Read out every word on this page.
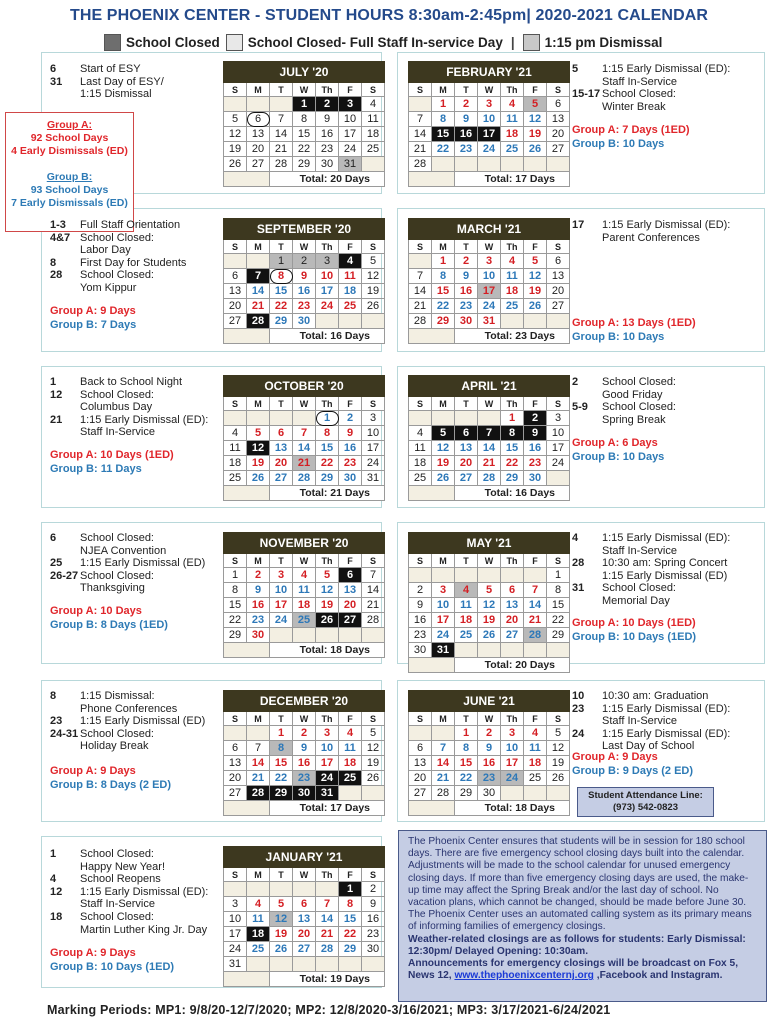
THE PHOENIX CENTER - STUDENT HOURS 8:30am-2:45pm| 2020-2021 CALENDAR
School Closed School Closed- Full Staff In-service Day | 1:15 pm Dismissal
Group A:
92 School Days
4 Early Dismissals (ED)
Group B:
93 School Days
7 Early Dismissals (ED)
6	Start of ESY
31	Last Day of ESY/
1:15 Dismissal
5	1:15 Early Dismissal (ED):
Staff In-Service
15-17 School Closed:
Winter Break
Group A: 7 Days (1ED)
Group B: 10 Days
1-3	Full Staff Orientation
4&7 School Closed:
Labor Day
8	First Day for Students
28	School Closed:
Yom Kippur
Group A: 9 Days
Group B: 7 Days
17	1:15 Early Dismissal (ED):
Parent Conferences
Group A: 13 Days (1ED)
Group B: 10 Days
1	Back to School Night
12	School Closed:
Columbus Day
21	1:15 Early Dismissal (ED):
Staff In-Service
Group A: 10 Days (1ED)
Group B: 11 Days
2	School Closed:
Good Friday
5-9	School Closed:
Spring Break
Group A: 6 Days
Group B: 10 Days
6	School Closed:
NJEA Convention
25	1:15 Early Dismissal (ED)
26-27 School Closed:
Thanksgiving
Group A: 10 Days
Group B: 8 Days (1ED)
4	1:15 Early Dismissal (ED):
Staff In-Service
28	10:30 am: Spring Concert
1:15 Early Dismissal (ED)
31	School Closed:
Memorial Day
Group A: 10 Days (1ED)
Group B: 10 Days (1ED)
8	1:15 Dismissal:
Phone Conferences
23	1:15 Early Dismissal (ED)
24-31 School Closed:
Holiday Break
Group A: 9 Days
Group B: 8 Days (2 ED)
10	10:30 am: Graduation
23	1:15 Early Dismissal (ED):
Staff In-Service
24	1:15 Early Dismissal (ED):
Last Day of School
Group A: 9 Days
Group B: 9 Days (2 ED)
1	School Closed:
Happy New Year!
4	School Reopens
12	1:15 Early Dismissal (ED):
Staff In-Service
18	School Closed:
Martin Luther King Jr. Day
Group A: 9 Days
Group B: 10 Days (1ED)
JULY '20						
S	M	T	W	Th	F	S
			1	2	3	4
5	6	7	8	9	10	11
12	13	14	15	16	17	18
19	20	21	22	23	24	25
26	27	28	29	30	31	
		Total: 20 Days				
FEBRUARY '21						
S	M	T	W	Th	F	S
	1	2	3	4	5	6
7	8	9	10	11	12	13
14	15	16	17	18	19	20
21	22	23	24	25	26	27
28						
		Total: 17 Days				
SEPTEMBER '20						
S	M	T	W	Th	F	S
		1	2	3	4	5
6	7	8	9	10	11	12
13	14	15	16	17	18	19
20	21	22	23	24	25	26
27	28	29	30			
		Total: 16 Days				
MARCH '21						
S	M	T	W	Th	F	S
	1	2	3	4	5	6
7	8	9	10	11	12	13
14	15	16	17	18	19	20
21	22	23	24	25	26	27
28	29	30	31			
		Total: 23 Days				
OCTOBER '20						
S	M	T	W	Th	F	S
				1	2	3
4	5	6	7	8	9	10
11	12	13	14	15	16	17
18	19	20	21	22	23	24
25	26	27	28	29	30	31
		Total: 21 Days				
APRIL '21						
S	M	T	W	Th	F	S
				1	2	3
4	5	6	7	8	9	10
11	12	13	14	15	16	17
18	19	20	21	22	23	24
25	26	27	28	29	30	
		Total: 16 Days				
NOVEMBER '20						
S	M	T	W	Th	F	S
1	2	3	4	5	6	7
8	9	10	11	12	13	14
15	16	17	18	19	20	21
22	23	24	25	26	27	28
29	30					
		Total: 18 Days				
MAY '21						
S	M	T	W	Th	F	S
						1
2	3	4	5	6	7	8
9	10	11	12	13	14	15
16	17	18	19	20	21	22
23	24	25	26	27	28	29
30	31					
		Total: 20 Days				
DECEMBER '20						
S	M	T	W	Th	F	S
		1	2	3	4	5
6	7	8	9	10	11	12
13	14	15	16	17	18	19
20	21	22	23	24	25	26
27	28	29	30	31		
		Total: 17 Days				
JUNE '21						
S	M	T	W	Th	F	S
		1	2	3	4	5
6	7	8	9	10	11	12
13	14	15	16	17	18	19
20	21	22	23	24	25	26
27	28	29	30			
		Total: 18 Days				
JANUARY '21						
S	M	T	W	Th	F	S
					1	2
3	4	5	6	7	8	9
10	11	12	13	14	15	16
17	18	19	20	21	22	23
24	25	26	27	28	29	30
31						
		Total: 19 Days				
Student Attendance Line:
(973) 542-0823
The Phoenix Center ensures that students will be in session for 180 school days. There are five emergency school closing days built into the calendar. Adjustments will be made to the school calendar for unused emergency closing days. If more than five emergency closing days are used, the make-up time may affect the Spring Break and/or the last day of school. No vacation plans, which cannot be changed, should be made before June 30. The Phoenix Center uses an automated calling system as its primary means of informing families of emergency closings.
Weather-related closings are as follows for students: Early Dismissal: 12:30pm/ Delayed Opening: 10:30am.
Announcements for emergency closings will be broadcast on Fox 5, News 12, www.thephoenixcenternj.org ,Facebook and Instagram.
Marking Periods: MP1: 9/8/20-12/7/2020; MP2: 12/8/2020-3/16/2021; MP3: 3/17/2021-6/24/2021
